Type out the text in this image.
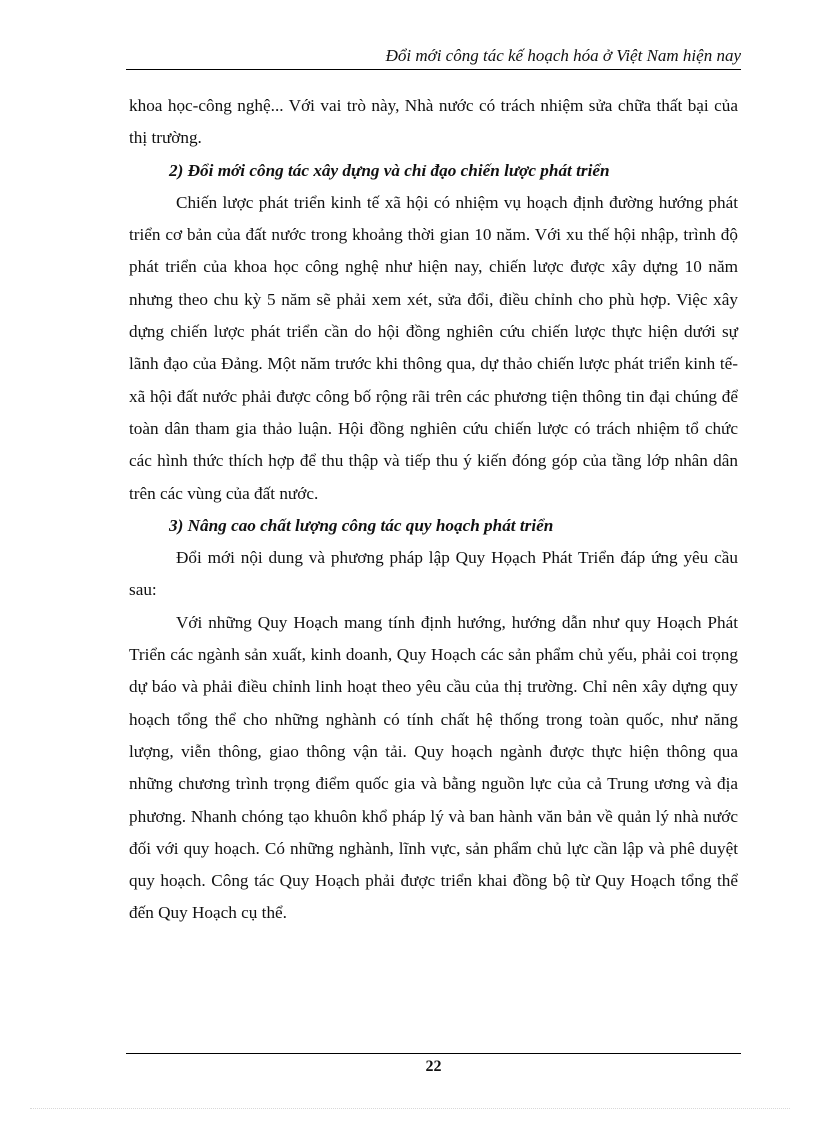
Đổi mới công tác kế hoạch hóa ở Việt Nam hiện nay

khoa học-công nghệ... Với vai trò này, Nhà nước có trách nhiệm sửa chữa thất bại của thị trường.

2) Đổi mới công tác xây dựng và chỉ đạo chiến lược phát triển

Chiến lược phát triển kinh tế xã hội có nhiệm vụ hoạch định đường hướng phát triển cơ bản của đất nước trong khoảng thời gian 10 năm. Với xu thế hội nhập, trình độ phát triển của khoa học công nghệ như hiện nay, chiến lược được xây dựng 10 năm nhưng theo chu kỳ 5 năm sẽ phải xem xét, sửa đổi, điều chỉnh cho phù hợp. Việc xây dựng chiến lược phát triển cần do hội đồng nghiên cứu chiến lược thực hiện dưới sự lãnh đạo của Đảng. Một năm trước khi thông qua, dự thảo chiến lược phát triển kinh tế-xã hội đất nước phải được công bố rộng rãi trên các phương tiện thông tin đại chúng để toàn dân tham gia thảo luận. Hội đồng nghiên cứu chiến lược có trách nhiệm tổ chức các hình thức thích hợp để thu thập và tiếp thu ý kiến đóng góp của tầng lớp nhân dân trên các vùng của đất nước.

3) Nâng cao chất lượng công tác quy hoạch phát triển

Đổi mới nội dung và phương pháp lập Quy Họạch Phát Triển đáp ứng yêu cầu sau:

Với những Quy Hoạch mang tính định hướng, hướng dẫn như quy Hoạch Phát Triển các ngành sản xuất, kinh doanh, Quy Hoạch các sản phẩm chủ yếu, phải coi trọng dự báo và phải điều chỉnh linh hoạt theo yêu cầu của thị trường. Chỉ nên xây dựng quy hoạch tổng thể cho những nghành có tính chất hệ thống trong toàn quốc, như năng lượng, viễn thông, giao thông vận tải. Quy hoạch ngành được thực hiện thông qua những chương trình trọng điểm quốc gia và bằng nguồn lực của cả Trung ương và địa phương. Nhanh chóng tạo khuôn khổ pháp lý và ban hành văn bản về quản lý nhà nước đối với quy hoạch. Có những nghành, lĩnh vực, sản phẩm chủ lực cần lập và phê duyệt quy hoạch. Công tác Quy Hoạch phải được triển khai đồng bộ từ Quy Hoạch tổng thể đến Quy Hoạch cụ thể.

22
